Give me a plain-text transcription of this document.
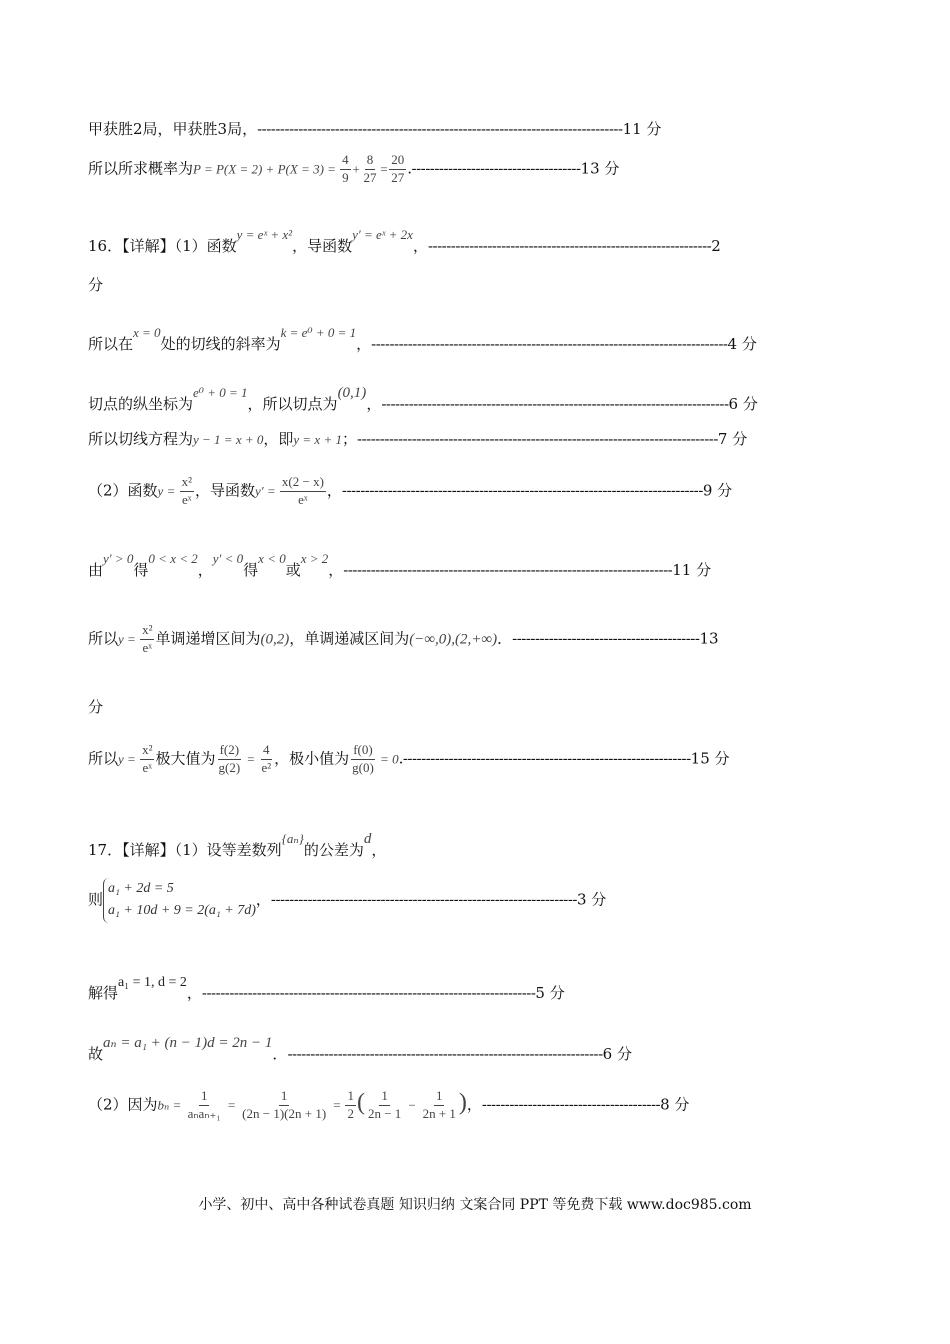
甲获胜2局，甲获胜3局，--------------------------------------------------------------------------------11 分
所以所求概率为$P = P(X = 2) + P(X = 3) = \frac{4}{9} + \frac{8}{27} = \frac{20}{27} .-------------------------------------13$ 分
16．【详解】（1）函数y = eˣ + x²，导函数y′ = eˣ + 2x，--------------------------------------------------------------2
分
所以在x = 0处的切线的斜率为k = e⁰ + 0 = 1，------------------------------------------------------------------------------4 分
切点的纵坐标为e⁰ + 0 = 1，所以切点为(0,1)，----------------------------------------------------------------------------6 分
所以切线方程为y − 1 = x + 0，即y = x + 1；-------------------------------------------------------------------------------7 分
（2）函数$y = \frac{\text{x²}}{\text{eˣ}}$ ，导函数$y' = \frac{x(2 - x)}{\text{eˣ}}$ ，-------------------------------------------------------------------------------9 分
由y′ > 0得0 < x < 2，y′ < 0得x < 0或x > 2，------------------------------------------------------------------------11 分
所以$y = \frac{\text{x²}}{\text{eˣ}}$ 单调递增区间为(0,2)，单调递减区间为(−∞,0),(2,+∞)．-----------------------------------------13
分
所以$y = \frac{\text{x²}}{\text{eˣ}}$ 极大值为 $\frac{f(2)}{g(2)} = \frac{4}{\text{e²}}$ ，极小值为 $\frac{f(0)}{g(0)} = 0.---------------------------------------------------------------15$ 分
17．【详解】（1）设等差数列{aₙ}的公差为d，
则
a₁ + 2d = 5
a₁ + 10d + 9 = 2(a₁ + 7d)
，-------------------------------------------------------------------3 分
解得a₁ = 1, d = 2，-------------------------------------------------------------------------5 分
故aₙ = a₁ + (n − 1)d = 2n − 1．---------------------------------------------------------------------6 分
（2）因为$b_n = \frac{1}{\text{aₙaₙ₊₁}} = \frac{1}{(2n - 1)(2n + 1)} = \frac{1}{2}$ ( $\frac{1}{2n - 1} - \frac{1}{2n + 1}$ )，---------------------------------------8 分
小学、初中、高中各种试卷真题 知识归纳 文案合同 PPT 等免费下载 www.doc985.com
